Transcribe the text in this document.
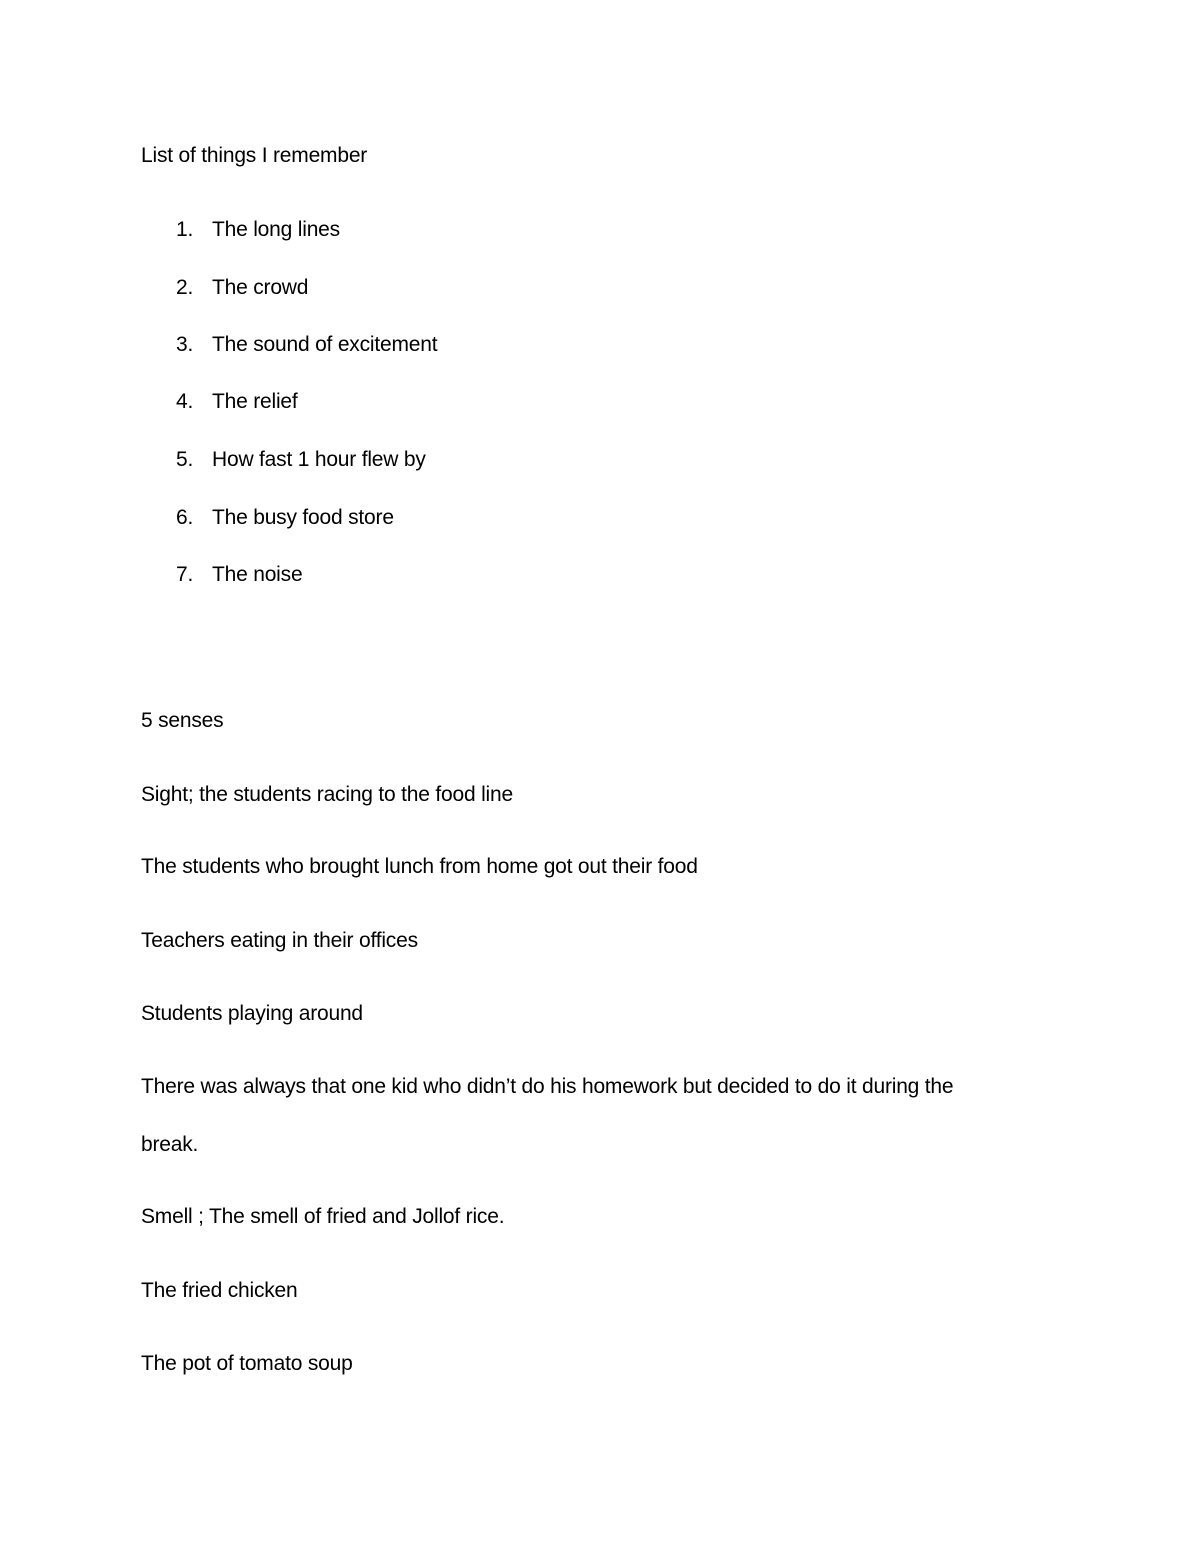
List of things I remember
1. The long lines
2. The crowd
3. The sound of excitement
4. The relief
5. How fast 1 hour flew by
6. The busy food store
7. The noise
5 senses
Sight; the students racing to the food line
The students who brought lunch from home got out their food
Teachers eating in their offices
Students playing around
There was always that one kid who didn’t do his homework but decided to do it during the
break.
Smell ; The smell of fried and Jollof rice.
The fried chicken
The pot of tomato soup
